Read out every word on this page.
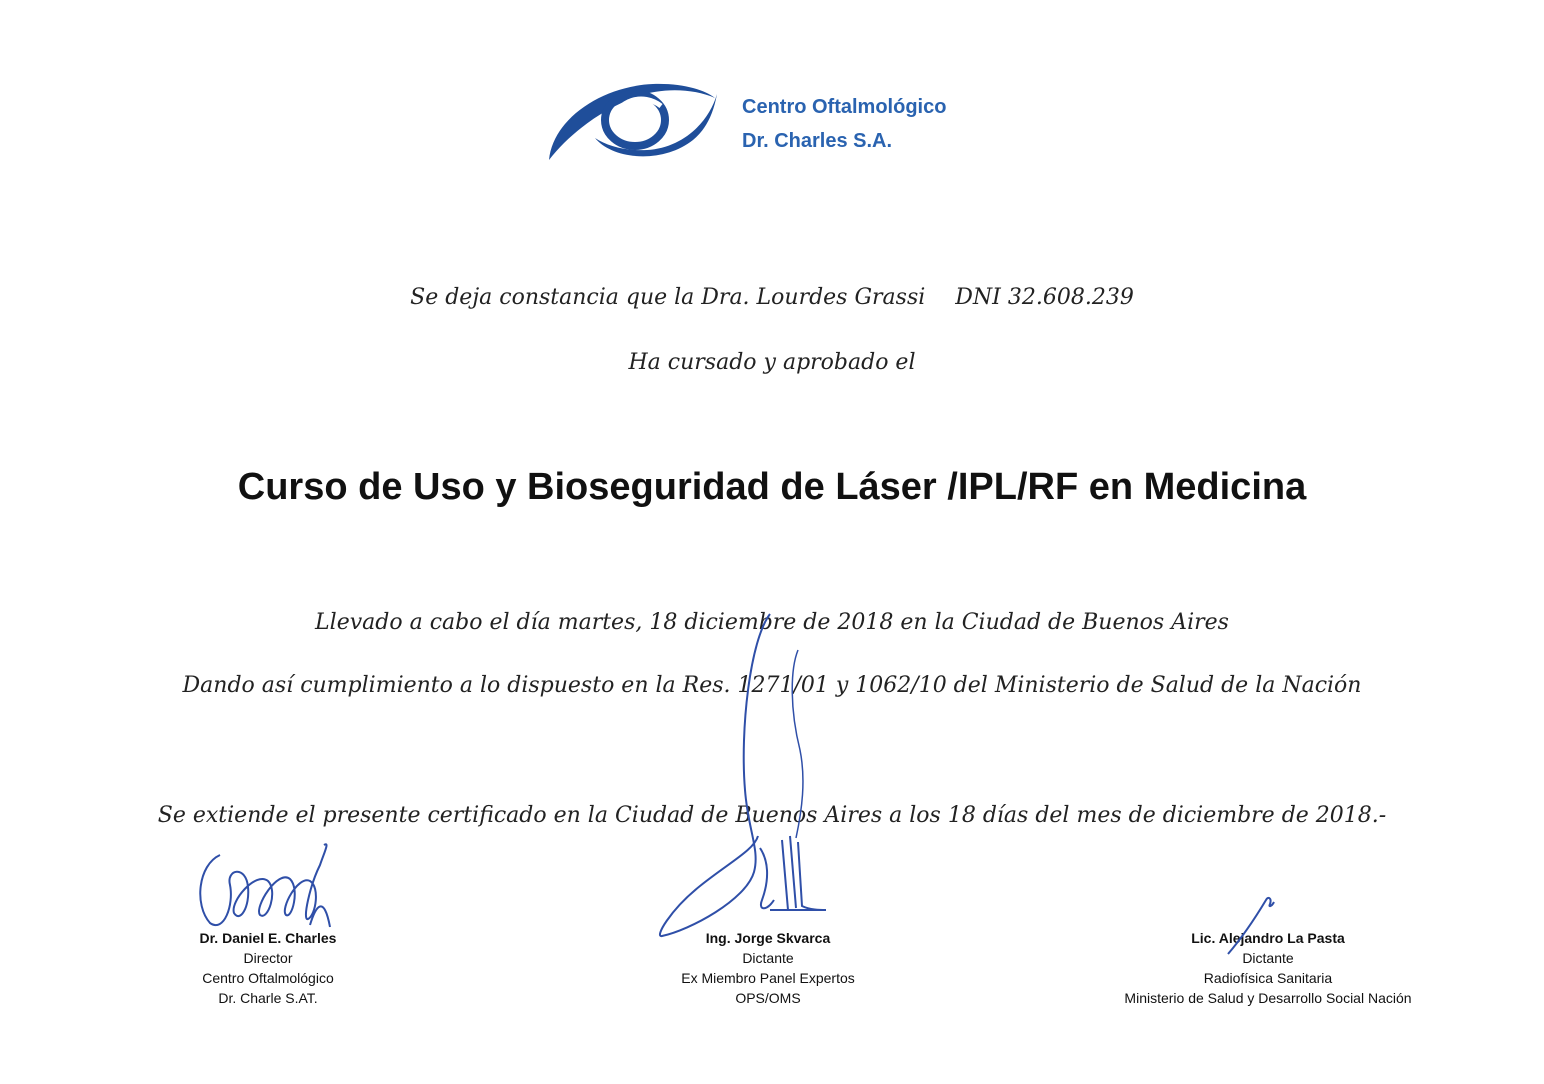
Centro Oftalmológico
Dr. Charles S.A.
Se deja constancia que la Dra. Lourdes Grassi DNI 32.608.239
Ha cursado y aprobado el
Curso de Uso y Bioseguridad de Láser /IPL/RF en Medicina
Llevado a cabo el día martes, 18 diciembre de 2018 en la Ciudad de Buenos Aires
Dando así cumplimiento a lo dispuesto en la Res. 1271/01 y 1062/10 del Ministerio de Salud de la Nación
Se extiende el presente certificado en la Ciudad de Buenos Aires a los 18 días del mes de diciembre de 2018.-
Dr. Daniel E. Charles
Director
Centro Oftalmológico
Dr. Charle S.AT.
Ing. Jorge Skvarca
Dictante
Ex Miembro Panel Expertos
OPS/OMS
Lic. Alejandro La Pasta
Dictante
Radiofísica Sanitaria
Ministerio de Salud y Desarrollo Social Nación
